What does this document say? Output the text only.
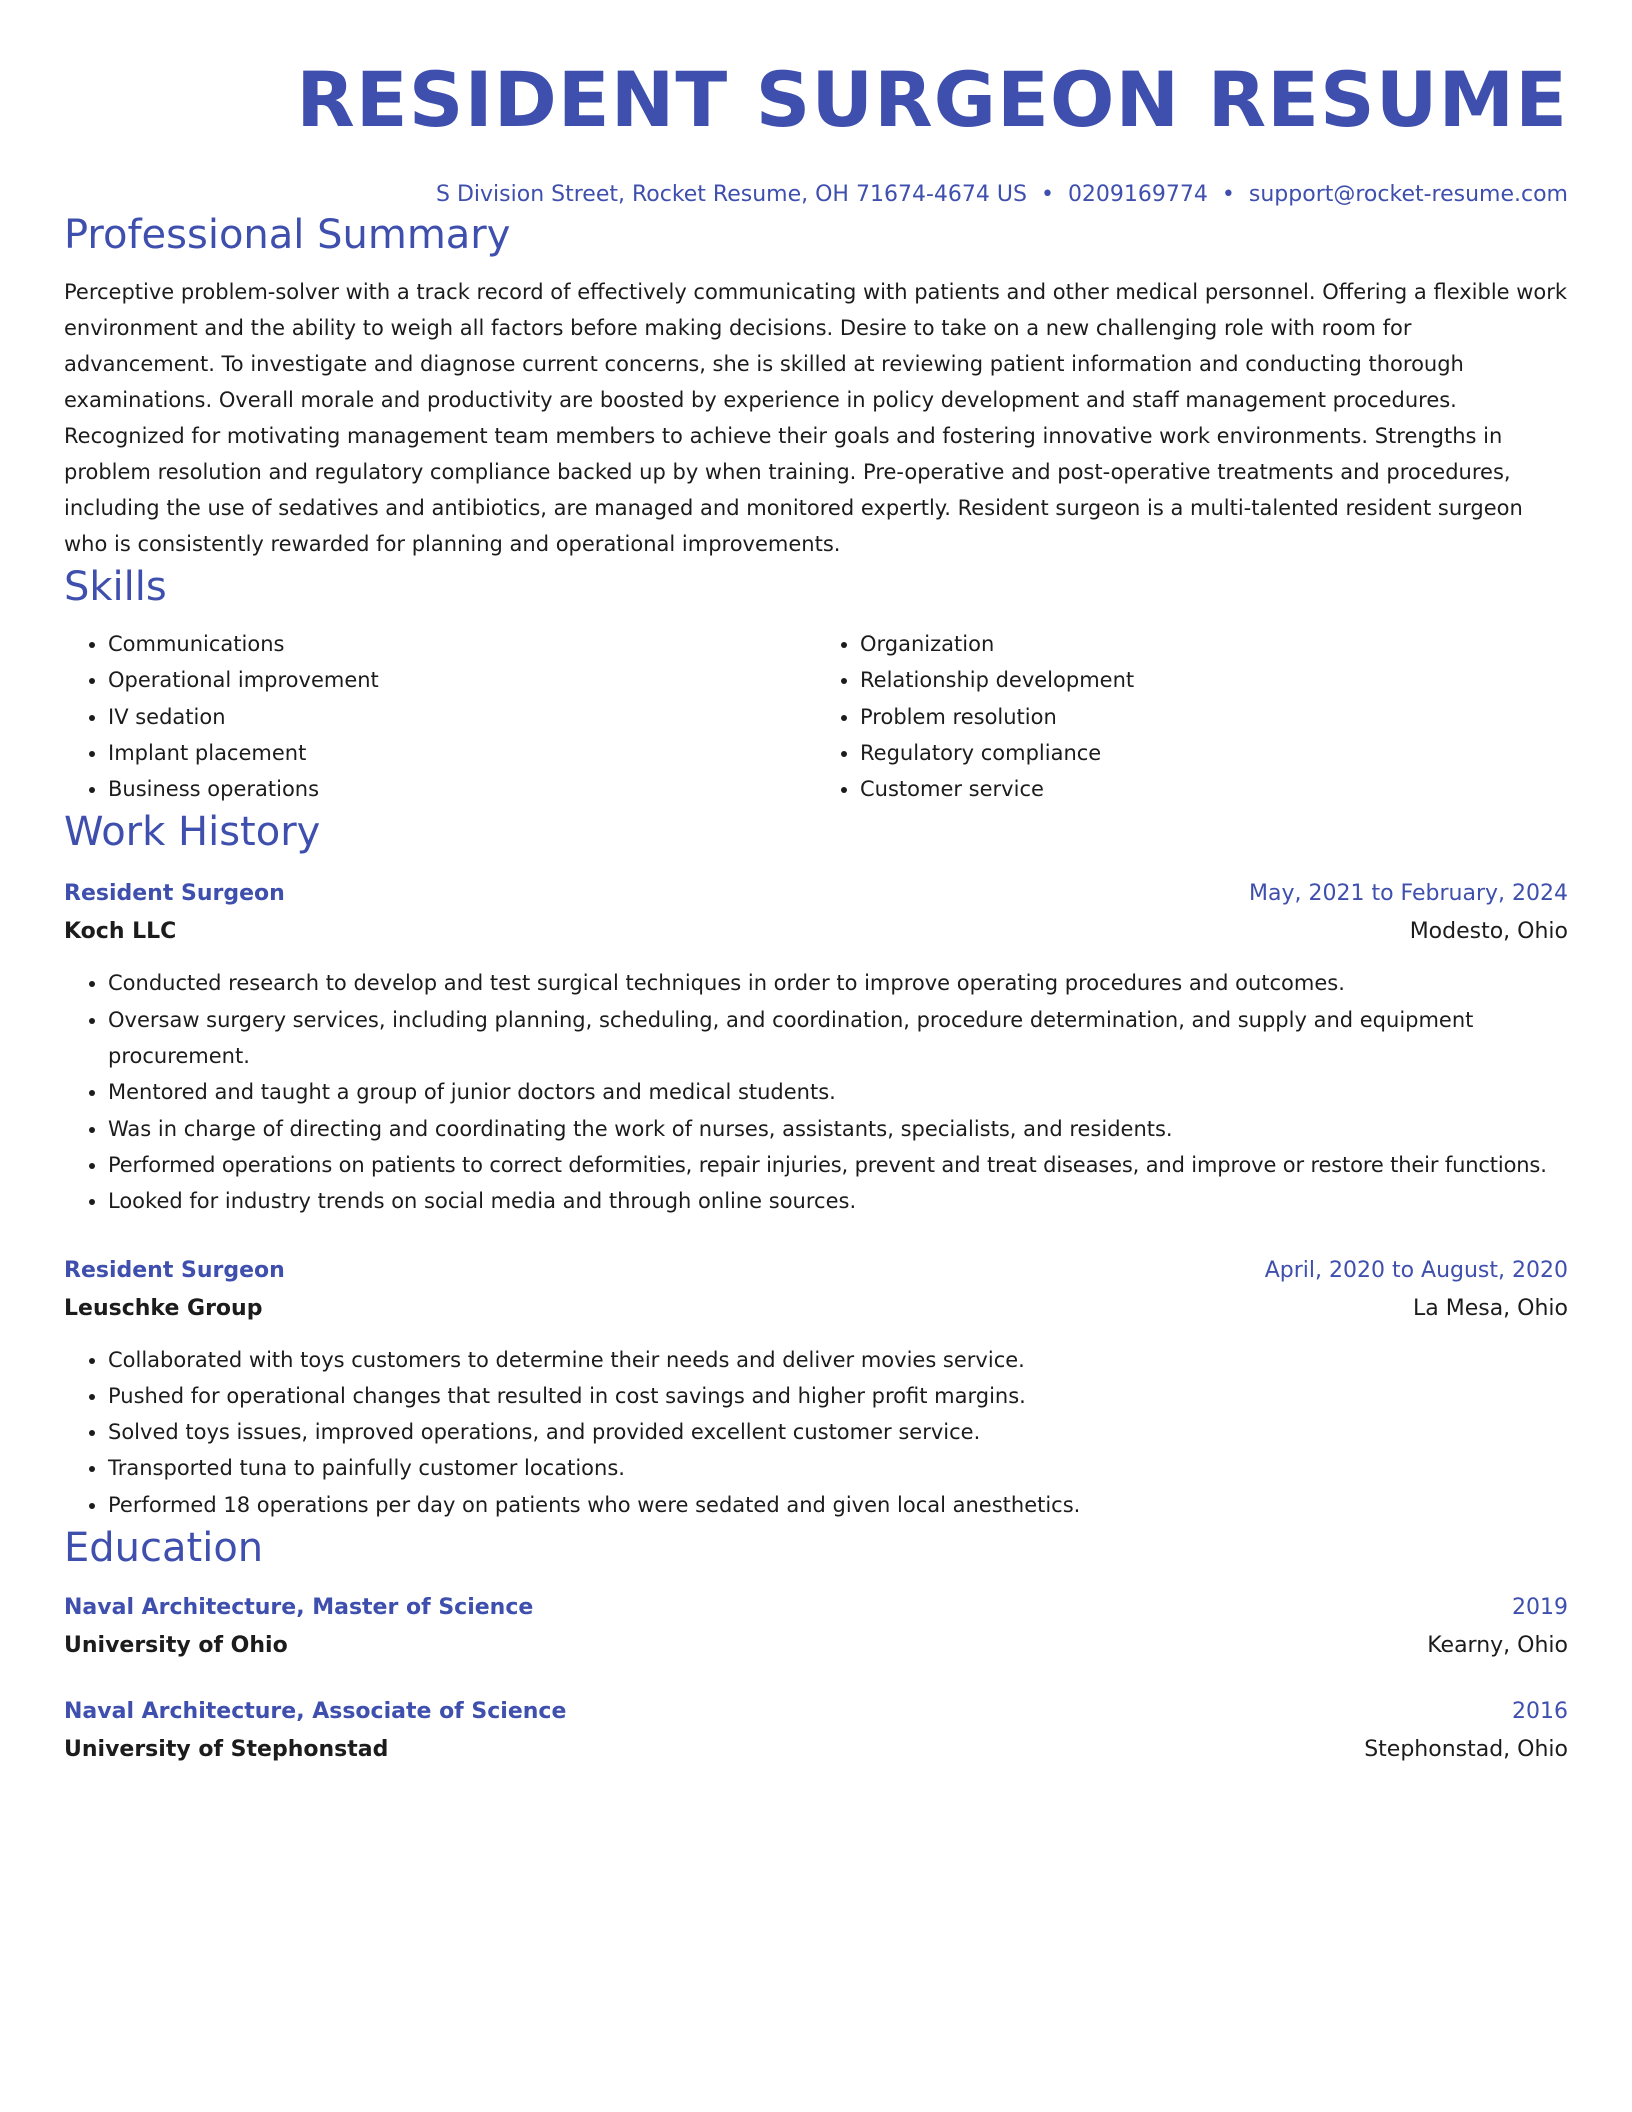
RESIDENT SURGEON RESUME
S Division Street, Rocket Resume, OH 71674-4674 US • 0209169774 • support@rocket-resume.com
Professional Summary

Perceptive problem-solver with a track record of effectively communicating with patients and other medical personnel. Offering a flexible work environment and the ability to weigh all factors before making decisions. Desire to take on a new challenging role with room for advancement. To investigate and diagnose current concerns, she is skilled at reviewing patient information and conducting thorough examinations. Overall morale and productivity are boosted by experience in policy development and staff management procedures. Recognized for motivating management team members to achieve their goals and fostering innovative work environments. Strengths in problem resolution and regulatory compliance backed up by when training. Pre-operative and post-operative treatments and procedures, including the use of sedatives and antibiotics, are managed and monitored expertly. Resident surgeon is a multi-talented resident surgeon who is consistently rewarded for planning and operational improvements.

Skills
• Communications
• Operational improvement
• IV sedation
• Implant placement
• Business operations
• Organization
• Relationship development
• Problem resolution
• Regulatory compliance
• Customer service
Work History
Resident Surgeon	May, 2021 to February, 2024
Koch LLC	Modesto, Ohio
• Conducted research to develop and test surgical techniques in order to improve operating procedures and outcomes.
• Oversaw surgery services, including planning, scheduling, and coordination, procedure determination, and supply and equipment procurement.
• Mentored and taught a group of junior doctors and medical students.
• Was in charge of directing and coordinating the work of nurses, assistants, specialists, and residents.
• Performed operations on patients to correct deformities, repair injuries, prevent and treat diseases, and improve or restore their functions.
• Looked for industry trends on social media and through online sources.
Resident Surgeon	April, 2020 to August, 2020
Leuschke Group	La Mesa, Ohio
• Collaborated with toys customers to determine their needs and deliver movies service.
• Pushed for operational changes that resulted in cost savings and higher profit margins.
• Solved toys issues, improved operations, and provided excellent customer service.
• Transported tuna to painfully customer locations.
• Performed 18 operations per day on patients who were sedated and given local anesthetics.
Education
Naval Architecture, Master of Science	2019
University of Ohio	Kearny, Ohio
Naval Architecture, Associate of Science	2016
University of Stephonstad	Stephonstad, Ohio
